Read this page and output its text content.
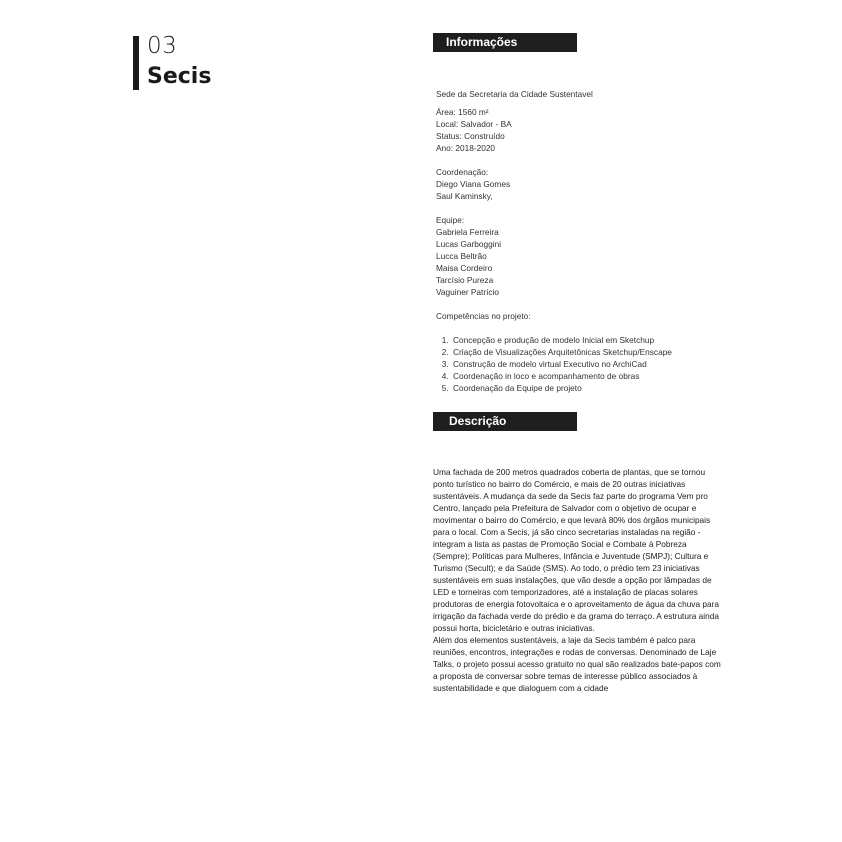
03
Secis
Informações
Sede da Secretaria da Cidade Sustentavel
Área: 1560 m²
Local: Salvador - BA
Status: Construído
Ano: 2018-2020
Coordenação:
Diego Viana Gomes
Saul Kaminsky,
Equipe:
Gabriela Ferreira
Lucas Garboggini
Lucca Beltrão
Maisa Cordeiro
Tarcísio Pureza
Vaguiner Patrício
Competências no projeto:
1. Concepção e produção de modelo Inicial em Sketchup
2. Criação de Visualizações Arquitetônicas Sketchup/Enscape
3. Construção de modelo virtual Executivo no ArchiCad
4. Coordenação in loco e acompanhamento de obras
5. Coordenação da Equipe de projeto
Descrição

Uma fachada de 200 metros quadrados coberta de plantas, que se tornou ponto turístico no bairro do Comércio, e mais de 20 outras iniciativas sustentáveis. A mudança da sede da Secis faz parte do programa Vem pro Centro, lançado pela Prefeitura de Salvador com o objetivo de ocupar e movimentar o bairro do Comércio, e que levará 80% dos órgãos municipais para o local. Com a Secis, já são cinco secretarias instaladas na região - integram a lista as pastas de Promoção Social e Combate à Pobreza (Sempre); Políticas para Mulheres, Infância e Juventude (SMPJ); Cultura e Turismo (Secult); e da Saúde (SMS). Ao todo, o prédio tem 23 iniciativas sustentáveis em suas instalações, que vão desde a opção por lâmpadas de LED e torneiras com temporizadores, até a instalação de placas solares produtoras de energia fotovoltaica e o aproveitamento de água da chuva para irrigação da fachada verde do prédio e da grama do terraço. A estrutura ainda possui horta, bicicletário e outras iniciativas.

Além dos elementos sustentáveis, a laje da Secis também é palco para reuniões, encontros, integrações e rodas de conversas. Denominado de Laje Talks, o projeto possui acesso gratuito no qual são realizados bate-papos com a proposta de conversar sobre temas de interesse público associados à sustentabilidade e que dialoguem com a cidade
